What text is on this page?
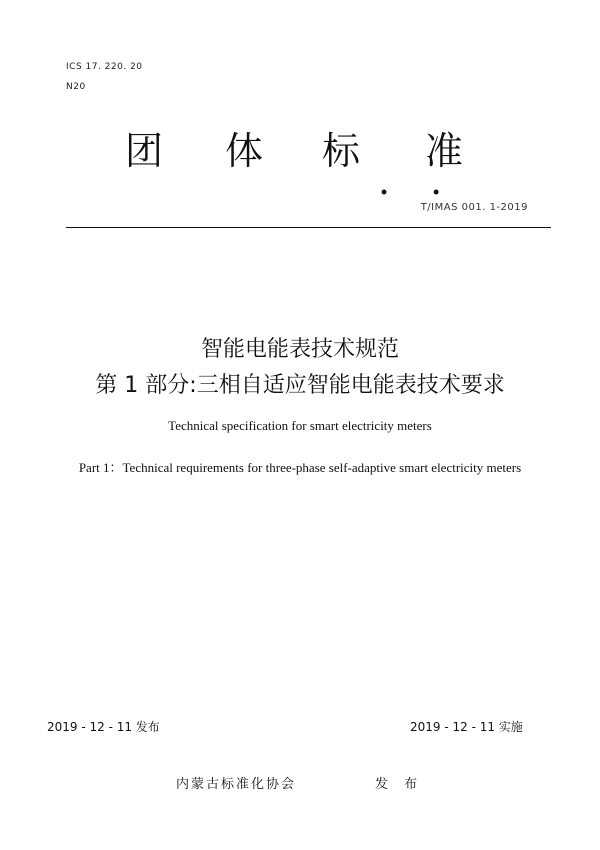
ICS 17. 220. 20
N20
团 体 标
. .
准
T/IMAS 001. 1-2019
智能电能表技术规范
第 1 部分:三相自适应智能电能表技术要求
Technical specification for smart electricity meters
Part 1：Technical requirements for three-phase self-adaptive smart electricity meters
2019 - 12 - 11 发布	2019 - 12 - 11 实施
内蒙古标准化协会	发 布
